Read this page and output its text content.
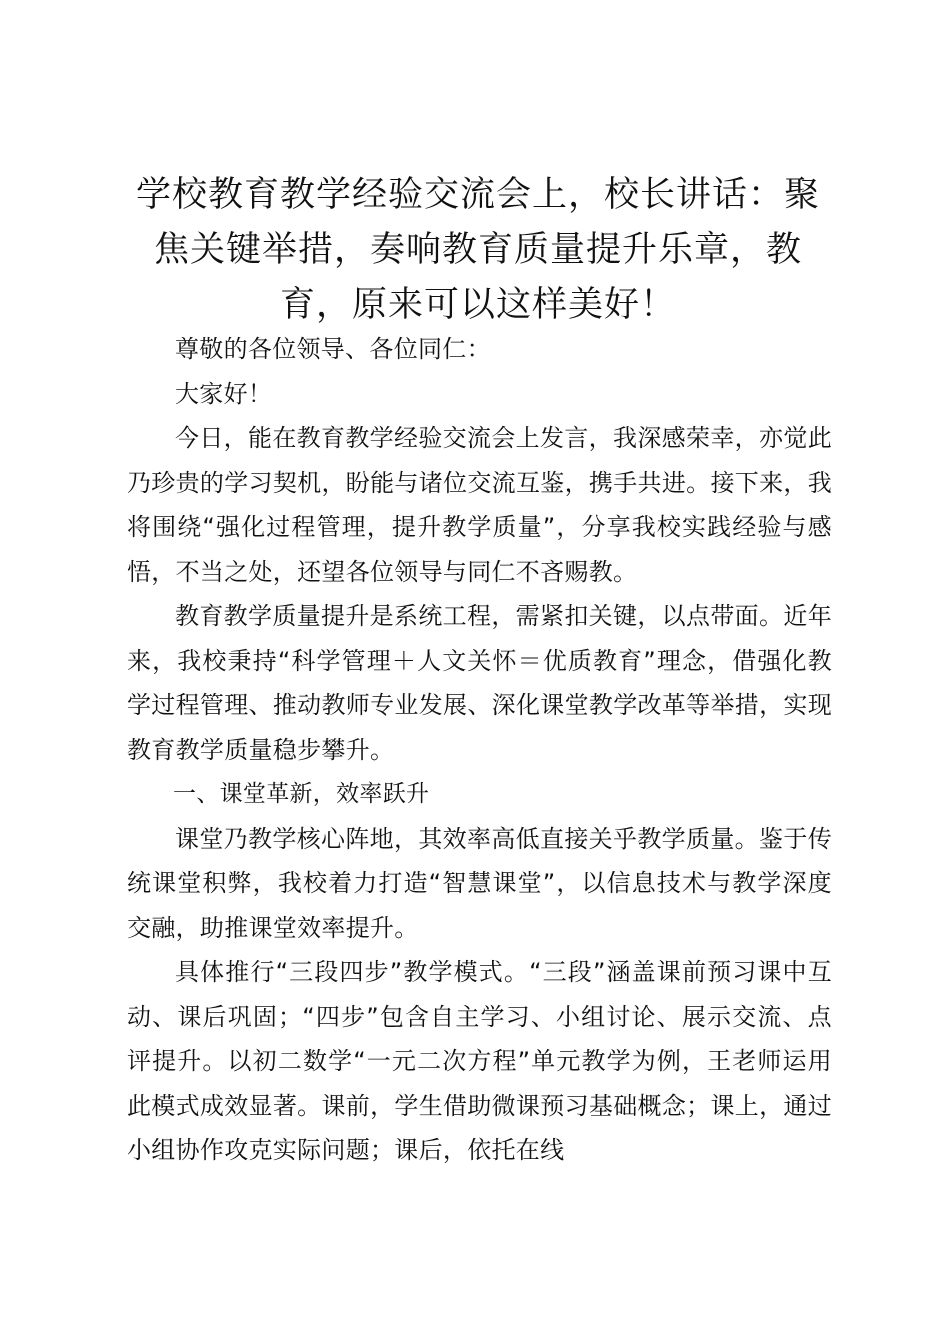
学校教育教学经验交流会上，校长讲话：聚焦关键举措，奏响教育质量提升乐章，教育，原来可以这样美好！

尊敬的各位领导、各位同仁：

大家好！

今日，能在教育教学经验交流会上发言，我深感荣幸，亦觉此乃珍贵的学习契机，盼能与诸位交流互鉴，携手共进。接下来，我将围绕“强化过程管理，提升教学质量”，分享我校实践经验与感悟，不当之处，还望各位领导与同仁不吝赐教。

教育教学质量提升是系统工程，需紧扣关键，以点带面。近年来，我校秉持“科学管理＋人文关怀＝优质教育”理念，借强化教学过程管理、推动教师专业发展、深化课堂教学改革等举措，实现教育教学质量稳步攀升。

一、课堂革新，效率跃升

课堂乃教学核心阵地，其效率高低直接关乎教学质量。鉴于传统课堂积弊，我校着力打造“智慧课堂”，以信息技术与教学深度交融，助推课堂效率提升。

具体推行“三段四步”教学模式。“三段”涵盖课前预习课中互动、课后巩固；“四步”包含自主学习、小组讨论、展示交流、点评提升。以初二数学“一元二次方程”单元教学为例，王老师运用此模式成效显著。课前，学生借助微课预习基础概念；课上，通过小组协作攻克实际问题；课后，依托在线
